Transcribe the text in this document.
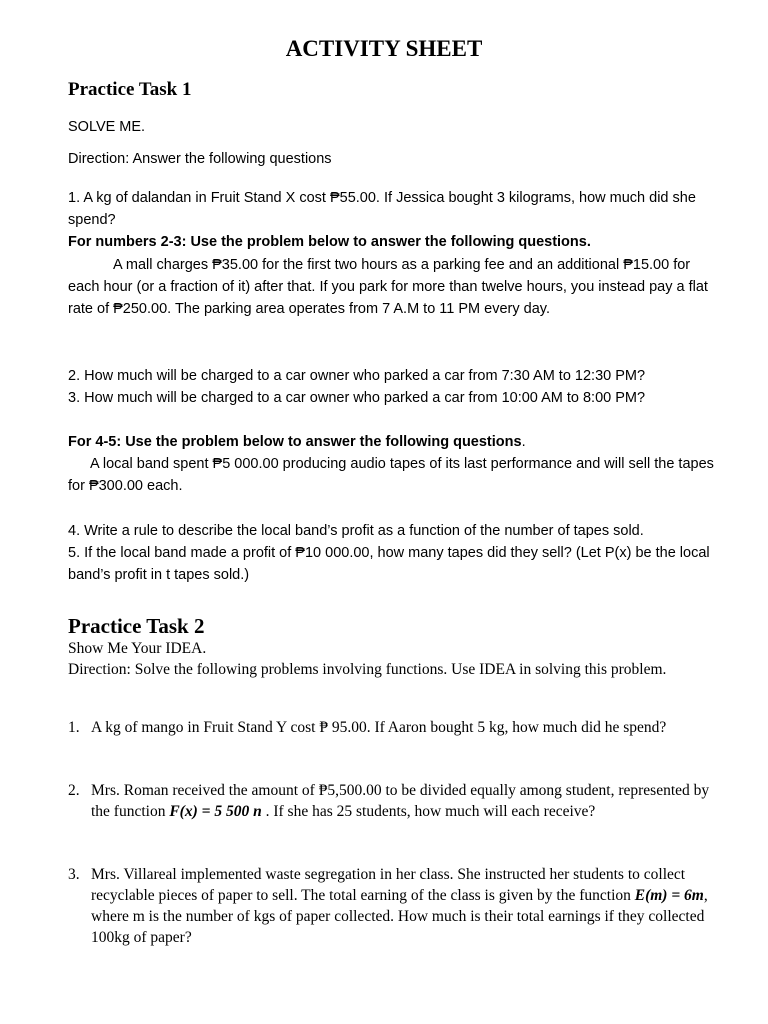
ACTIVITY SHEET
Practice Task 1
SOLVE ME.
Direction: Answer the following questions
1. A kg of dalandan in Fruit Stand X cost ₱55.00. If Jessica bought 3 kilograms, how much did she spend?
For numbers 2-3: Use the problem below to answer the following questions.
A mall charges ₱35.00 for the first two hours as a parking fee and an additional ₱15.00 for each hour (or a fraction of it) after that. If you park for more than twelve hours, you instead pay a flat rate of ₱250.00. The parking area operates from 7 A.M to 11 PM every day.
2. How much will be charged to a car owner who parked a car from 7:30 AM to 12:30 PM?
3. How much will be charged to a car owner who parked a car from 10:00 AM to 8:00 PM?
For 4-5: Use the problem below to answer the following questions.
A local band spent ₱5 000.00 producing audio tapes of its last performance and will sell the tapes for ₱300.00 each.
4. Write a rule to describe the local band’s profit as a function of the number of tapes sold.
5. If the local band made a profit of ₱10 000.00, how many tapes did they sell? (Let P(x) be the local band’s profit in t tapes sold.)
Practice Task 2
Show Me Your IDEA.
Direction: Solve the following problems involving functions. Use IDEA in solving this problem.
1. A kg of mango in Fruit Stand Y cost ₱ 95.00. If Aaron bought 5 kg, how much did he spend?
2. Mrs. Roman received the amount of ₱5,500.00 to be divided equally among student, represented by the function F(x) = 5 500 n . If she has 25 students, how much will each receive?
3. Mrs. Villareal implemented waste segregation in her class. She instructed her students to collect recyclable pieces of paper to sell. The total earning of the class is given by the function E(m) = 6m, where m is the number of kgs of paper collected. How much is their total earnings if they collected 100kg of paper?
